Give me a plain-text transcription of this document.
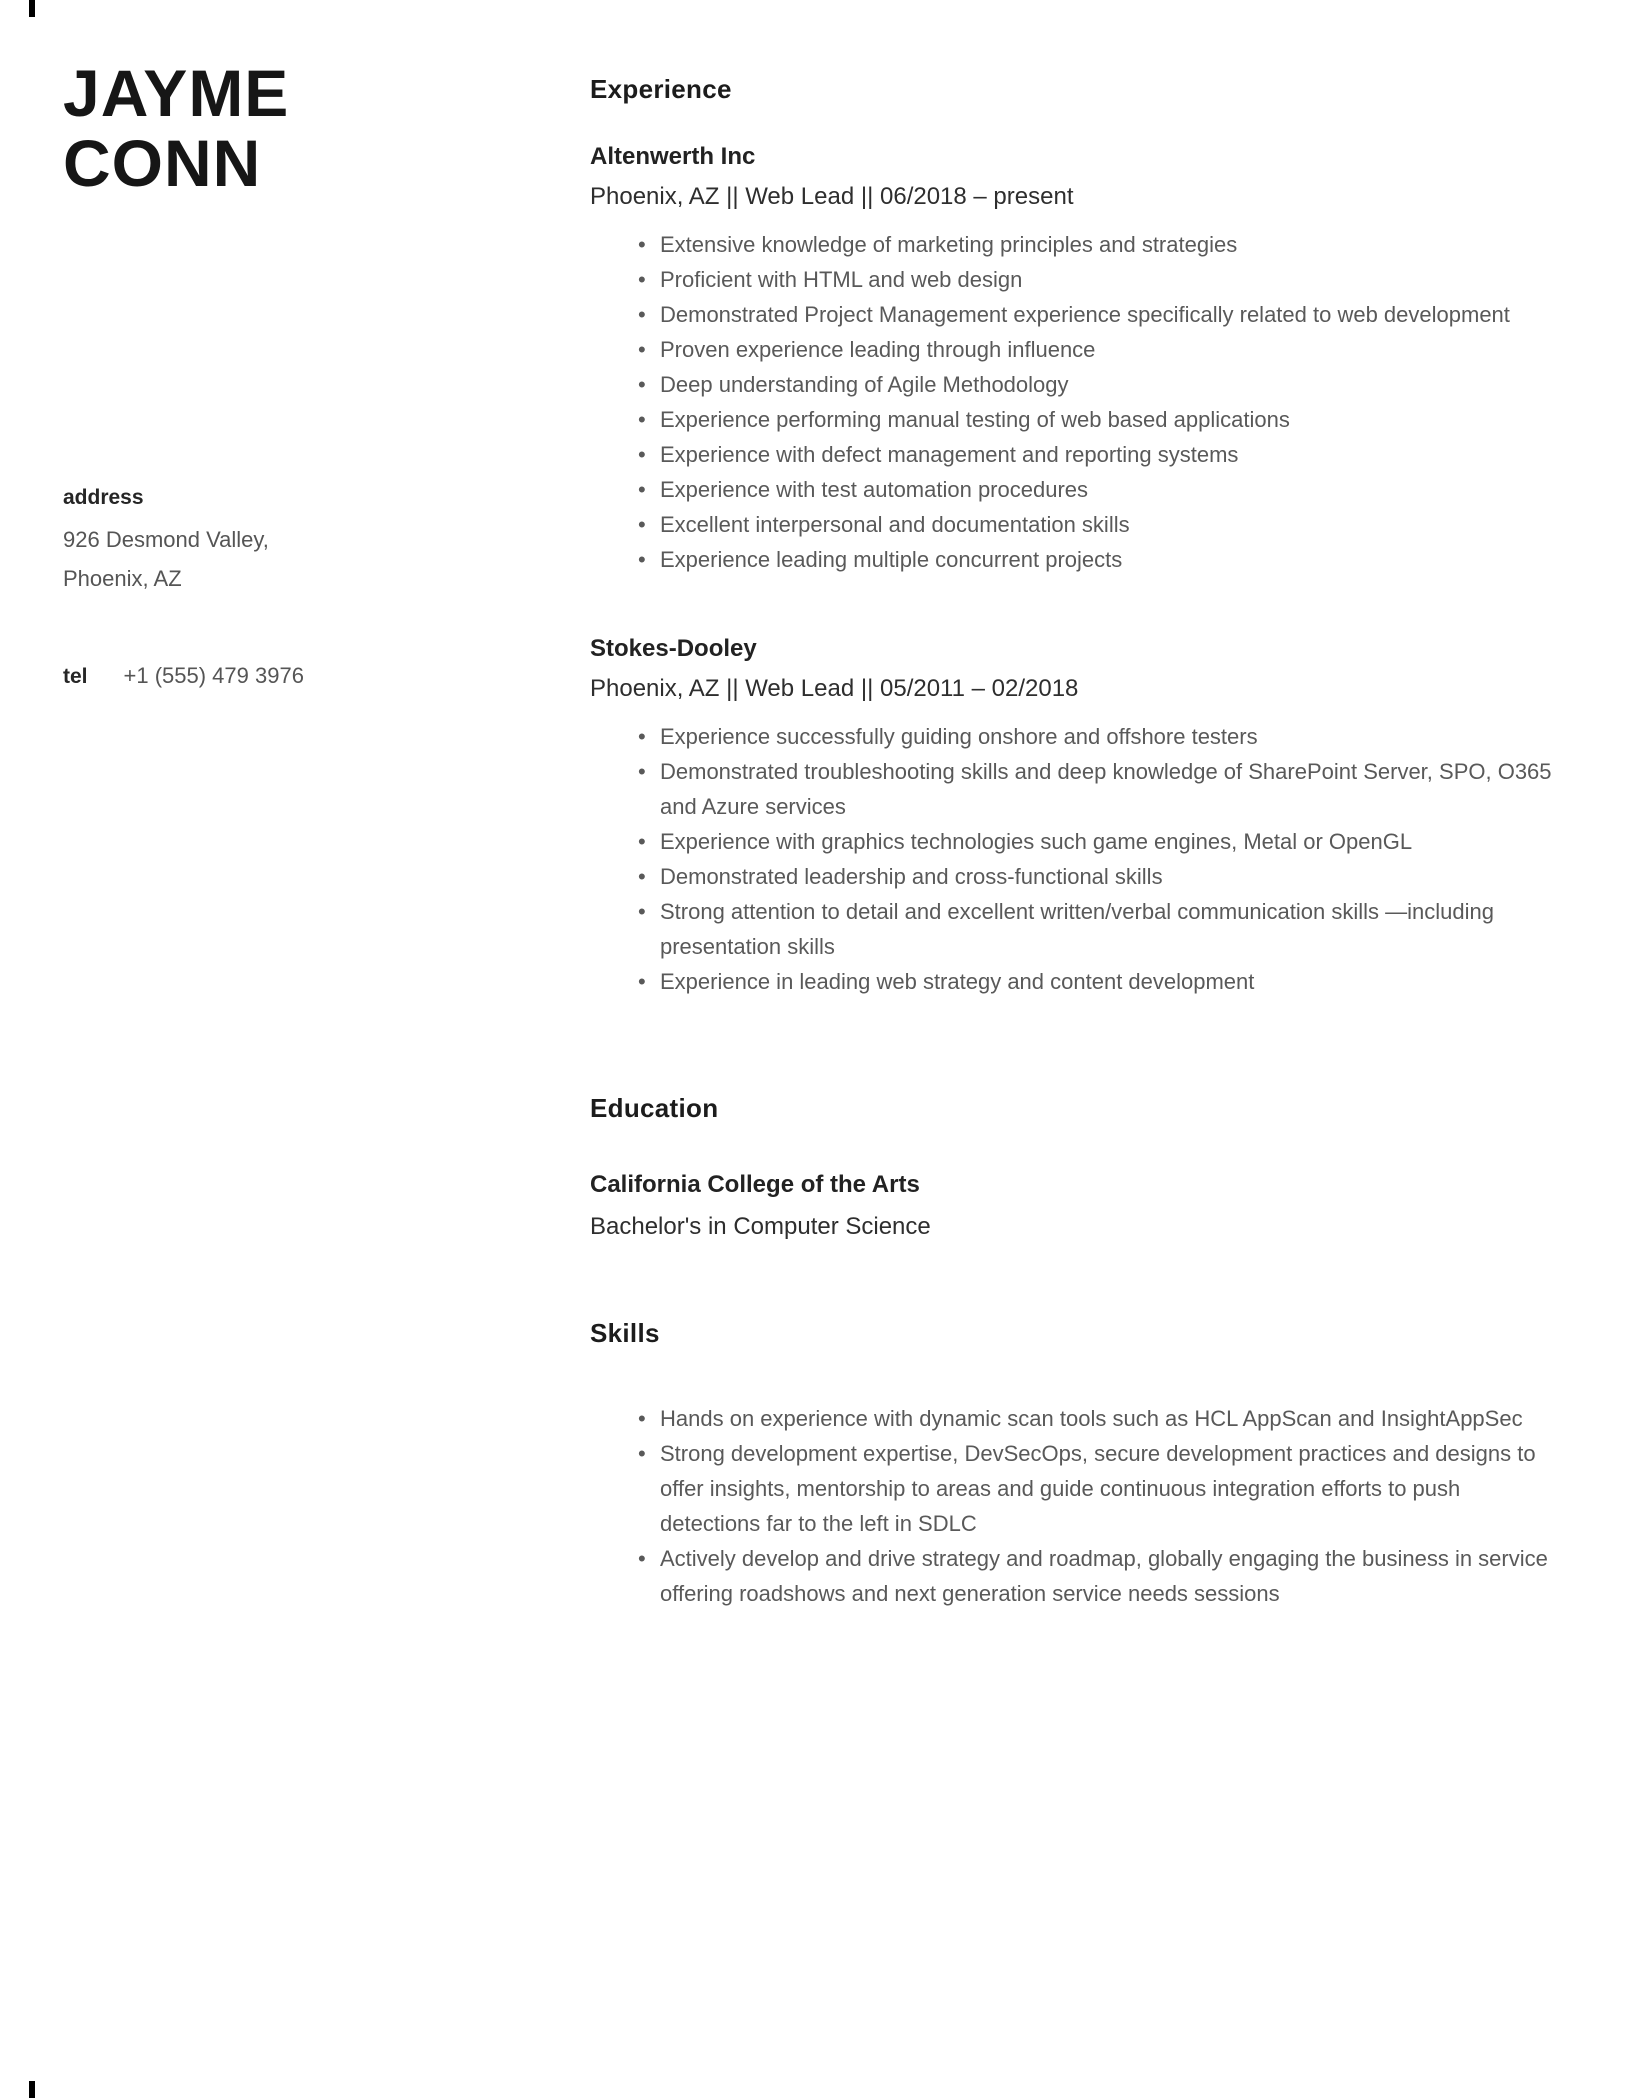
JAYME
CONN
address
926 Desmond Valley,
Phoenix, AZ
tel +1 (555) 479 3976
Experience
Altenwerth Inc
Phoenix, AZ || Web Lead || 06/2018 – present
• Extensive knowledge of marketing principles and strategies
• Proficient with HTML and web design
• Demonstrated Project Management experience specifically related to web development
• Proven experience leading through influence
• Deep understanding of Agile Methodology
• Experience performing manual testing of web based applications
• Experience with defect management and reporting systems
• Experience with test automation procedures
• Excellent interpersonal and documentation skills
• Experience leading multiple concurrent projects
Stokes-Dooley
Phoenix, AZ || Web Lead || 05/2011 – 02/2018
• Experience successfully guiding onshore and offshore testers
• Demonstrated troubleshooting skills and deep knowledge of SharePoint Server, SPO, O365 and Azure services
• Experience with graphics technologies such game engines, Metal or OpenGL
• Demonstrated leadership and cross-functional skills
• Strong attention to detail and excellent written/verbal communication skills —including presentation skills
• Experience in leading web strategy and content development
Education
California College of the Arts
Bachelor's in Computer Science
Skills
• Hands on experience with dynamic scan tools such as HCL AppScan and InsightAppSec
• Strong development expertise, DevSecOps, secure development practices and designs to offer insights, mentorship to areas and guide continuous integration efforts to push detections far to the left in SDLC
• Actively develop and drive strategy and roadmap, globally engaging the business in service offering roadshows and next generation service needs sessions
